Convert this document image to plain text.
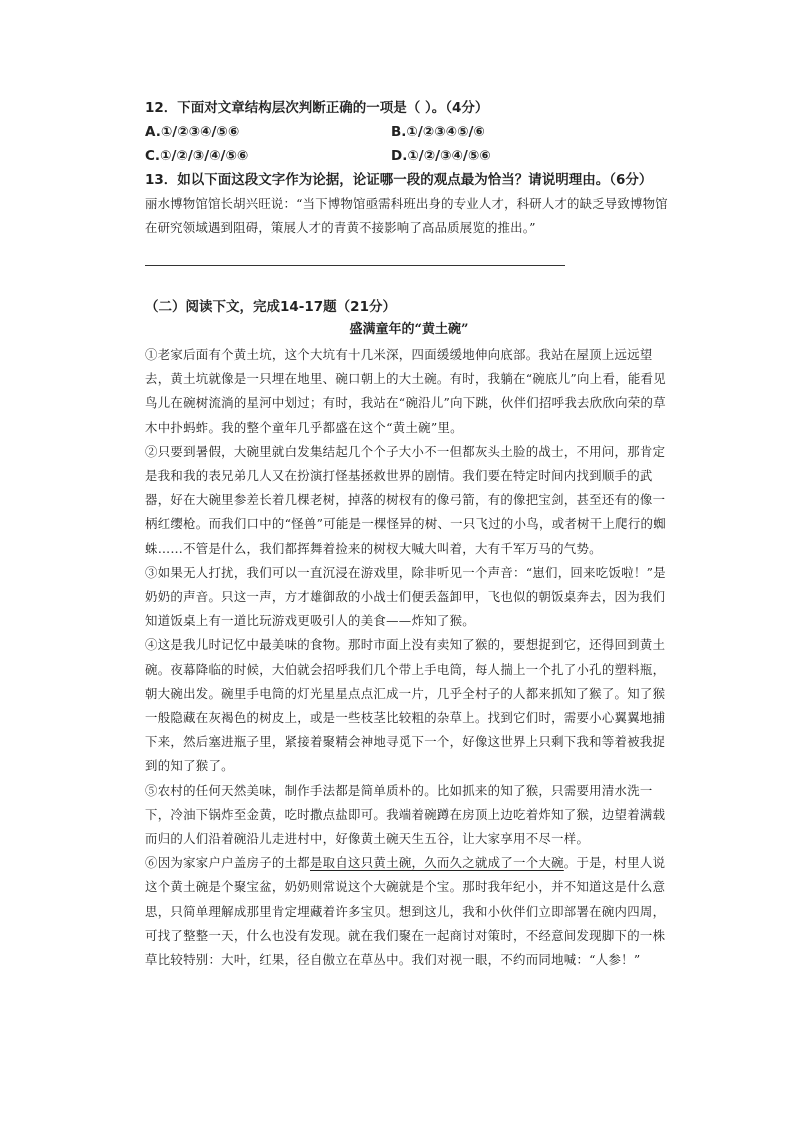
12．下面对文章结构层次判断正确的一项是（ ）。（4分）

A.①/②③④/⑤⑥	B.①/②③④⑤/⑥
C.①/②/③/④/⑤⑥	D.①/②/③④/⑤⑥

13．如以下面这段文字作为论据，论证哪一段的观点最为恰当？请说明理由。（6分）

丽水博物馆馆长胡兴旺说：“当下博物馆亟需科班出身的专业人才，科研人才的缺乏导致博物馆在研究领域遇到阻碍，策展人才的青黄不接影响了高品质展览的推出。”

（二）阅读下文，完成14-17题（21分）

盛满童年的“黄土碗”

①老家后面有个黄土坑，这个大坑有十几米深，四面缓缓地伸向底部。我站在屋顶上远远望去，黄土坑就像是一只埋在地里、碗口朝上的大土碗。有时，我躺在“碗底儿”向上看，能看见鸟儿在碗树流淌的星河中划过；有时，我站在“碗沿儿”向下跳，伙伴们招呼我去欣欣向荣的草木中扑蚂蚱。我的整个童年几乎都盛在这个“黄土碗”里。

②只要到暑假，大碗里就白发集结起几个个子大小不一但都灰头土脸的战士，不用问，那肯定是我和我的表兄弟几人又在扮演打怪基拯救世界的剧情。我们要在特定时间内找到顺手的武器，好在大碗里参差长着几棵老树，掉落的树杈有的像弓箭，有的像把宝剑，甚至还有的像一柄红缨枪。而我们口中的“怪兽”可能是一棵怪异的树、一只飞过的小鸟，或者树干上爬行的蜘蛛……不管是什么，我们都挥舞着捡来的树杈大喊大叫着，大有千军万马的气势。

③如果无人打扰，我们可以一直沉浸在游戏里，除非听见一个声音：“崽们，回来吃饭啦！”是奶奶的声音。只这一声，方才雄御敌的小战士们便丢盔卸甲，飞也似的朝饭桌奔去，因为我们知道饭桌上有一道比玩游戏更吸引人的美食——炸知了猴。

④这是我儿时记忆中最美味的食物。那时市面上没有卖知了猴的，要想捉到它，还得回到黄土碗。夜幕降临的时候，大伯就会招呼我们几个带上手电筒，每人揣上一个扎了小孔的塑料瓶，朝大碗出发。碗里手电筒的灯光星星点点汇成一片，几乎全村子的人都来抓知了猴了。知了猴一般隐藏在灰褐色的树皮上，或是一些枝茎比较粗的杂草上。找到它们时，需要小心翼翼地捕下来，然后塞进瓶子里，紧接着聚精会神地寻觅下一个，好像这世界上只剩下我和等着被我捉到的知了猴了。

⑤农村的任何天然美味，制作手法都是简单质朴的。比如抓来的知了猴，只需要用清水洗一下，冷油下锅炸至金黄，吃时撒点盐即可。我端着碗蹲在房顶上边吃着炸知了猴，边望着满载而归的人们沿着碗沿儿走进村中，好像黄土碗天生五谷，让大家享用不尽一样。

⑥因为家家户户盖房子的土都是取自这只黄土碗，久而久之就成了一个大碗。于是，村里人说这个黄土碗是个聚宝盆，奶奶则常说这个大碗就是个宝。那时我年纪小，并不知道这是什么意思，只简单理解成那里肯定埋藏着许多宝贝。想到这儿，我和小伙伴们立即部署在碗内四周，可找了整整一天，什么也没有发现。就在我们聚在一起商讨对策时，不经意间发现脚下的一株草比较特别：大叶，红果，径自傲立在草丛中。我们对视一眼，不约而同地喊：“人参！”
